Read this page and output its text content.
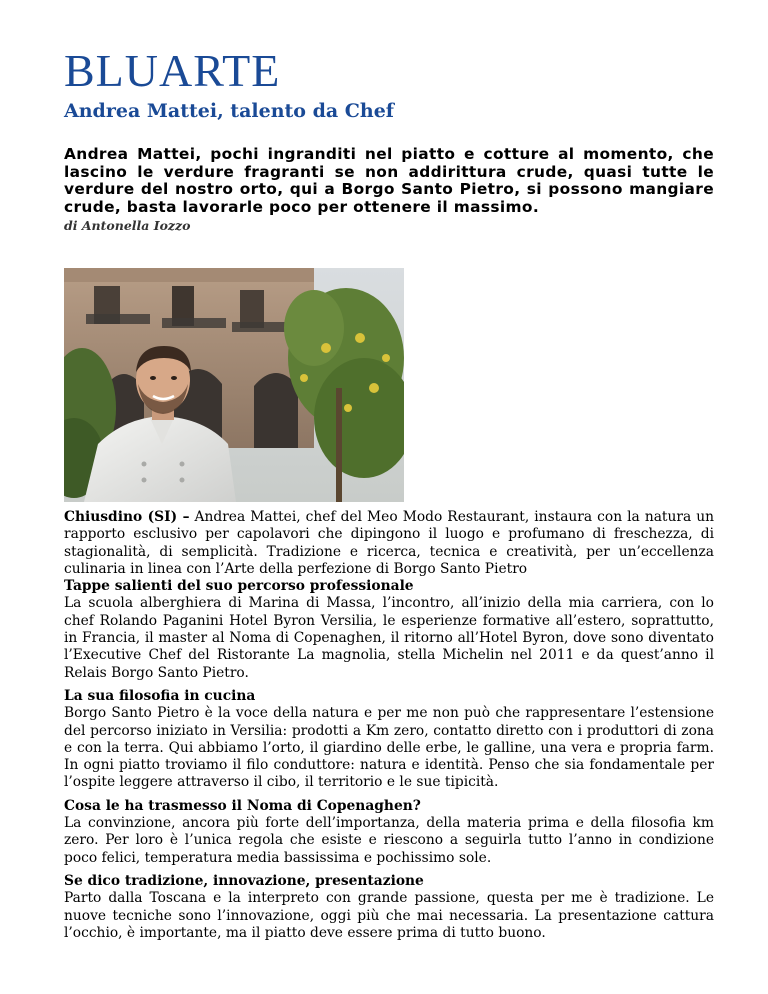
BLUARTE
Andrea Mattei, talento da Chef
Andrea Mattei, pochi ingranditi nel piatto e cotture al momento, che lascino le verdure fragranti se non addirittura crude, quasi tutte le verdure del nostro orto, qui a Borgo Santo Pietro, si possono mangiare crude, basta lavorarle poco per ottenere il massimo.
di Antonella Iozzo

Chiusdino (SI) – Andrea Mattei, chef del Meo Modo Restaurant, instaura con la natura un rapporto esclusivo per capolavori che dipingono il luogo e profumano di freschezza, di stagionalità, di semplicità. Tradizione e ricerca, tecnica e creatività, per un’eccellenza culinaria in linea con l’Arte della perfezione di Borgo Santo Pietro

Tappe salienti del suo percorso professionale

La scuola alberghiera di Marina di Massa, l’incontro, all’inizio della mia carriera, con lo chef Rolando Paganini Hotel Byron Versilia, le esperienze formative all’estero, soprattutto, in Francia, il master al Noma di Copenaghen, il ritorno all’Hotel Byron, dove sono diventato l’Executive Chef del Ristorante La magnolia, stella Michelin nel 2011 e da quest’anno il Relais Borgo Santo Pietro.

La sua filosofia in cucina

Borgo Santo Pietro è la voce della natura e per me non può che rappresentare l’estensione del percorso iniziato in Versilia: prodotti a Km zero, contatto diretto con i produttori di zona e con la terra. Qui abbiamo l’orto, il giardino delle erbe, le galline, una vera e propria farm. In ogni piatto troviamo il filo conduttore: natura e identità. Penso che sia fondamentale per l’ospite leggere attraverso il cibo, il territorio e le sue tipicità.

Cosa le ha trasmesso il Noma di Copenaghen?

La convinzione, ancora più forte dell’importanza, della materia prima e della filosofia km zero. Per loro è l’unica regola che esiste e riescono a seguirla tutto l’anno in condizione poco felici, temperatura media bassissima e pochissimo sole.

Se dico tradizione, innovazione, presentazione

Parto dalla Toscana e la interpreto con grande passione, questa per me è tradizione. Le nuove tecniche sono l’innovazione, oggi più che mai necessaria. La presentazione cattura l’occhio, è importante, ma il piatto deve essere prima di tutto buono.
